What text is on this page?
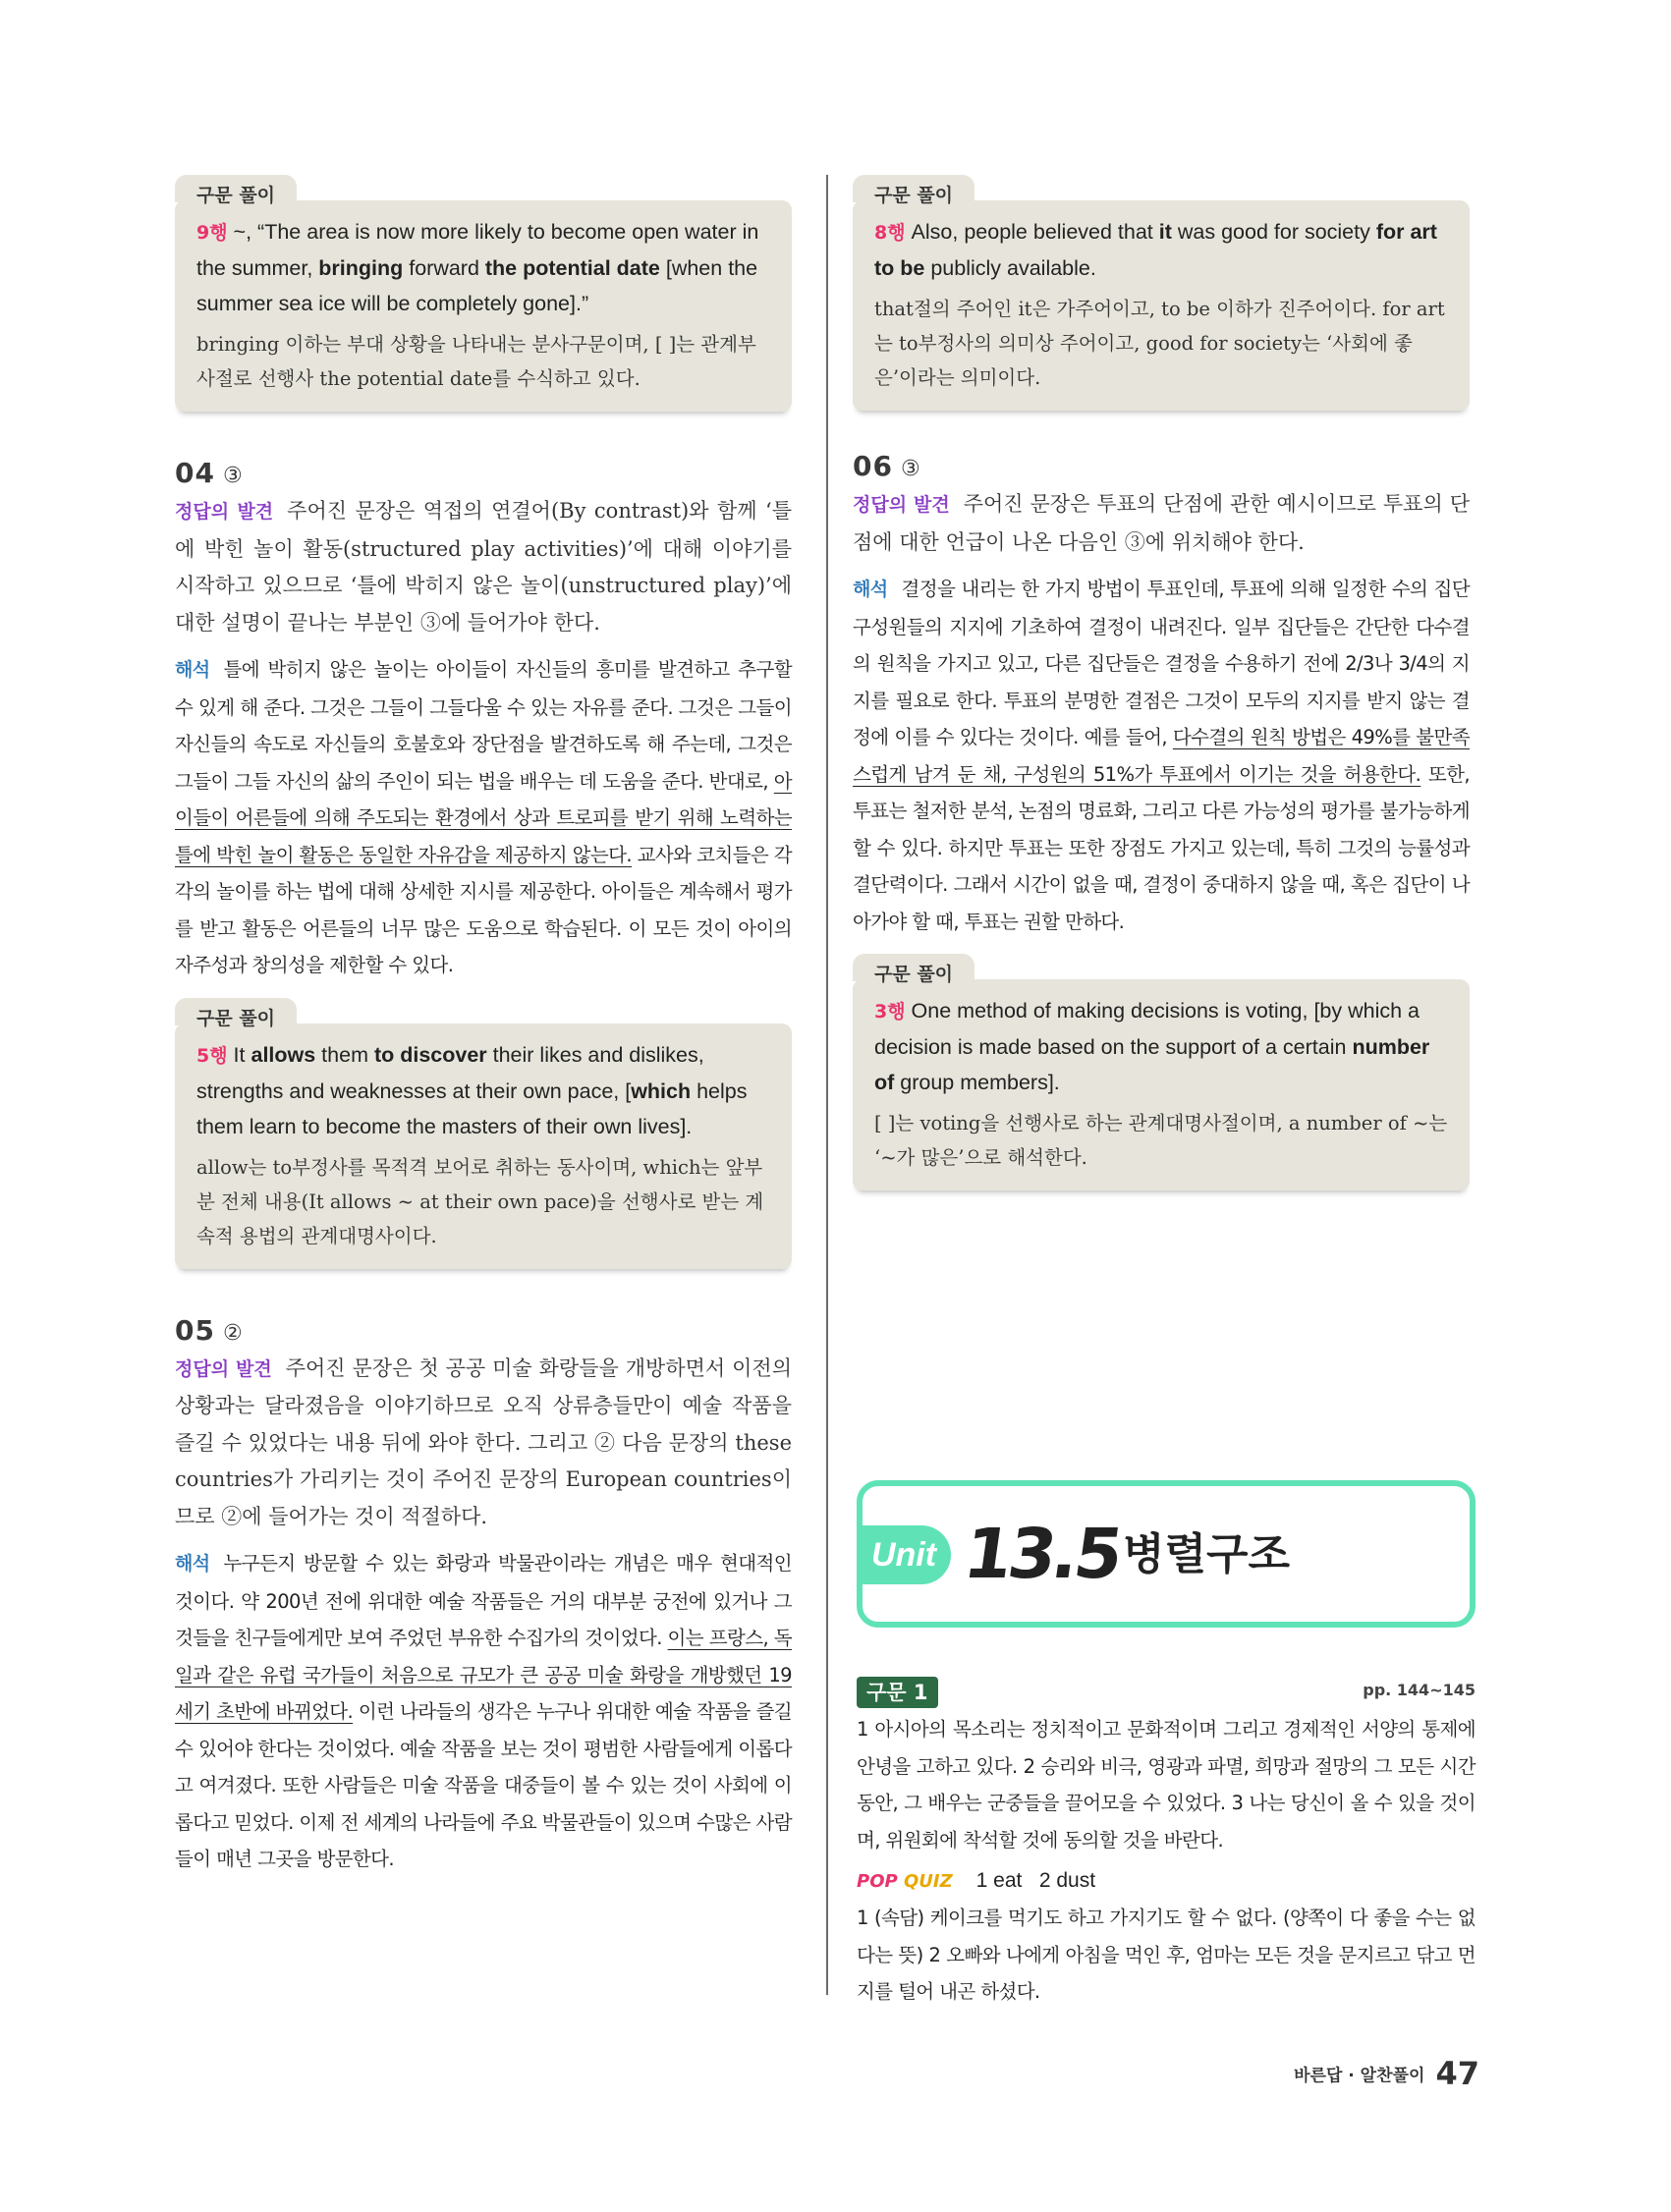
구문 풀이
9행 ~, “The area is now more likely to become open water in the summer, bringing forward the potential date [when the summer sea ice will be completely gone].”
bringing 이하는 부대 상황을 나타내는 분사구문이며, [ ]는 관계부사절로 선행사 the potential date를 수식하고 있다.
04 ③
정답의 발견 주어진 문장은 역접의 연결어(By contrast)와 함께 ‘틀에 박힌 놀이 활동(structured play activities)’에 대해 이야기를 시작하고 있으므로 ‘틀에 박히지 않은 놀이(unstructured play)’에 대한 설명이 끝나는 부분인 ③에 들어가야 한다.
해석 틀에 박히지 않은 놀이는 아이들이 자신들의 흥미를 발견하고 추구할 수 있게 해 준다. 그것은 그들이 그들다울 수 있는 자유를 준다. 그것은 그들이 자신들의 속도로 자신들의 호불호와 장단점을 발견하도록 해 주는데, 그것은 그들이 그들 자신의 삶의 주인이 되는 법을 배우는 데 도움을 준다. 반대로, 아이들이 어른들에 의해 주도되는 환경에서 상과 트로피를 받기 위해 노력하는 틀에 박힌 놀이 활동은 동일한 자유감을 제공하지 않는다. 교사와 코치들은 각각의 놀이를 하는 법에 대해 상세한 지시를 제공한다. 아이들은 계속해서 평가를 받고 활동은 어른들의 너무 많은 도움으로 학습된다. 이 모든 것이 아이의 자주성과 창의성을 제한할 수 있다.
구문 풀이
5행 It allows them to discover their likes and dislikes, strengths and weaknesses at their own pace, [which helps them learn to become the masters of their own lives].
allow는 to부정사를 목적격 보어로 취하는 동사이며, which는 앞부분 전체 내용(It allows ~ at their own pace)을 선행사로 받는 계속적 용법의 관계대명사이다.
05 ②
정답의 발견 주어진 문장은 첫 공공 미술 화랑들을 개방하면서 이전의 상황과는 달라졌음을 이야기하므로 오직 상류층들만이 예술 작품을 즐길 수 있었다는 내용 뒤에 와야 한다. 그리고 ② 다음 문장의 these countries가 가리키는 것이 주어진 문장의 European countries이므로 ②에 들어가는 것이 적절하다.
해석 누구든지 방문할 수 있는 화랑과 박물관이라는 개념은 매우 현대적인 것이다. 약 200년 전에 위대한 예술 작품들은 거의 대부분 궁전에 있거나 그것들을 친구들에게만 보여 주었던 부유한 수집가의 것이었다. 이는 프랑스, 독일과 같은 유럽 국가들이 처음으로 규모가 큰 공공 미술 화랑을 개방했던 19세기 초반에 바뀌었다. 이런 나라들의 생각은 누구나 위대한 예술 작품을 즐길 수 있어야 한다는 것이었다. 예술 작품을 보는 것이 평범한 사람들에게 이롭다고 여겨졌다. 또한 사람들은 미술 작품을 대중들이 볼 수 있는 것이 사회에 이롭다고 믿었다. 이제 전 세계의 나라들에 주요 박물관들이 있으며 수많은 사람들이 매년 그곳을 방문한다.
구문 풀이
8행 Also, people believed that it was good for society for art to be publicly available.
that절의 주어인 it은 가주어이고, to be 이하가 진주어이다. for art는 to부정사의 의미상 주어이고, good for society는 ‘사회에 좋은’이라는 의미이다.
06 ③
정답의 발견 주어진 문장은 투표의 단점에 관한 예시이므로 투표의 단점에 대한 언급이 나온 다음인 ③에 위치해야 한다.
해석 결정을 내리는 한 가지 방법이 투표인데, 투표에 의해 일정한 수의 집단 구성원들의 지지에 기초하여 결정이 내려진다. 일부 집단들은 간단한 다수결의 원칙을 가지고 있고, 다른 집단들은 결정을 수용하기 전에 2/3나 3/4의 지지를 필요로 한다. 투표의 분명한 결점은 그것이 모두의 지지를 받지 않는 결정에 이를 수 있다는 것이다. 예를 들어, 다수결의 원칙 방법은 49%를 불만족스럽게 남겨 둔 채, 구성원의 51%가 투표에서 이기는 것을 허용한다. 또한, 투표는 철저한 분석, 논점의 명료화, 그리고 다른 가능성의 평가를 불가능하게 할 수 있다. 하지만 투표는 또한 장점도 가지고 있는데, 특히 그것의 능률성과 결단력이다. 그래서 시간이 없을 때, 결정이 중대하지 않을 때, 혹은 집단이 나아가야 할 때, 투표는 권할 만하다.
구문 풀이
3행 One method of making decisions is voting, [by which a decision is made based on the support of a certain number of group members].
[ ]는 voting을 선행사로 하는 관계대명사절이며, a number of ~는 ‘~가 많은’으로 해석한다.
Unit 13.5
병렬구조
구문 1	pp. 144~145
1 아시아의 목소리는 정치적이고 문화적이며 그리고 경제적인 서양의 통제에 안녕을 고하고 있다. 2 승리와 비극, 영광과 파멸, 희망과 절망의 그 모든 시간 동안, 그 배우는 군중들을 끌어모을 수 있었다. 3 나는 당신이 올 수 있을 것이며, 위원회에 착석할 것에 동의할 것을 바란다.
POP QUIZ 1 eat   2 dust
1 (속담) 케이크를 먹기도 하고 가지기도 할 수 없다. (양쪽이 다 좋을 수는 없다는 뜻) 2 오빠와 나에게 아침을 먹인 후, 엄마는 모든 것을 문지르고 닦고 먼지를 털어 내곤 하셨다.
바른답 · 알찬풀이 47
